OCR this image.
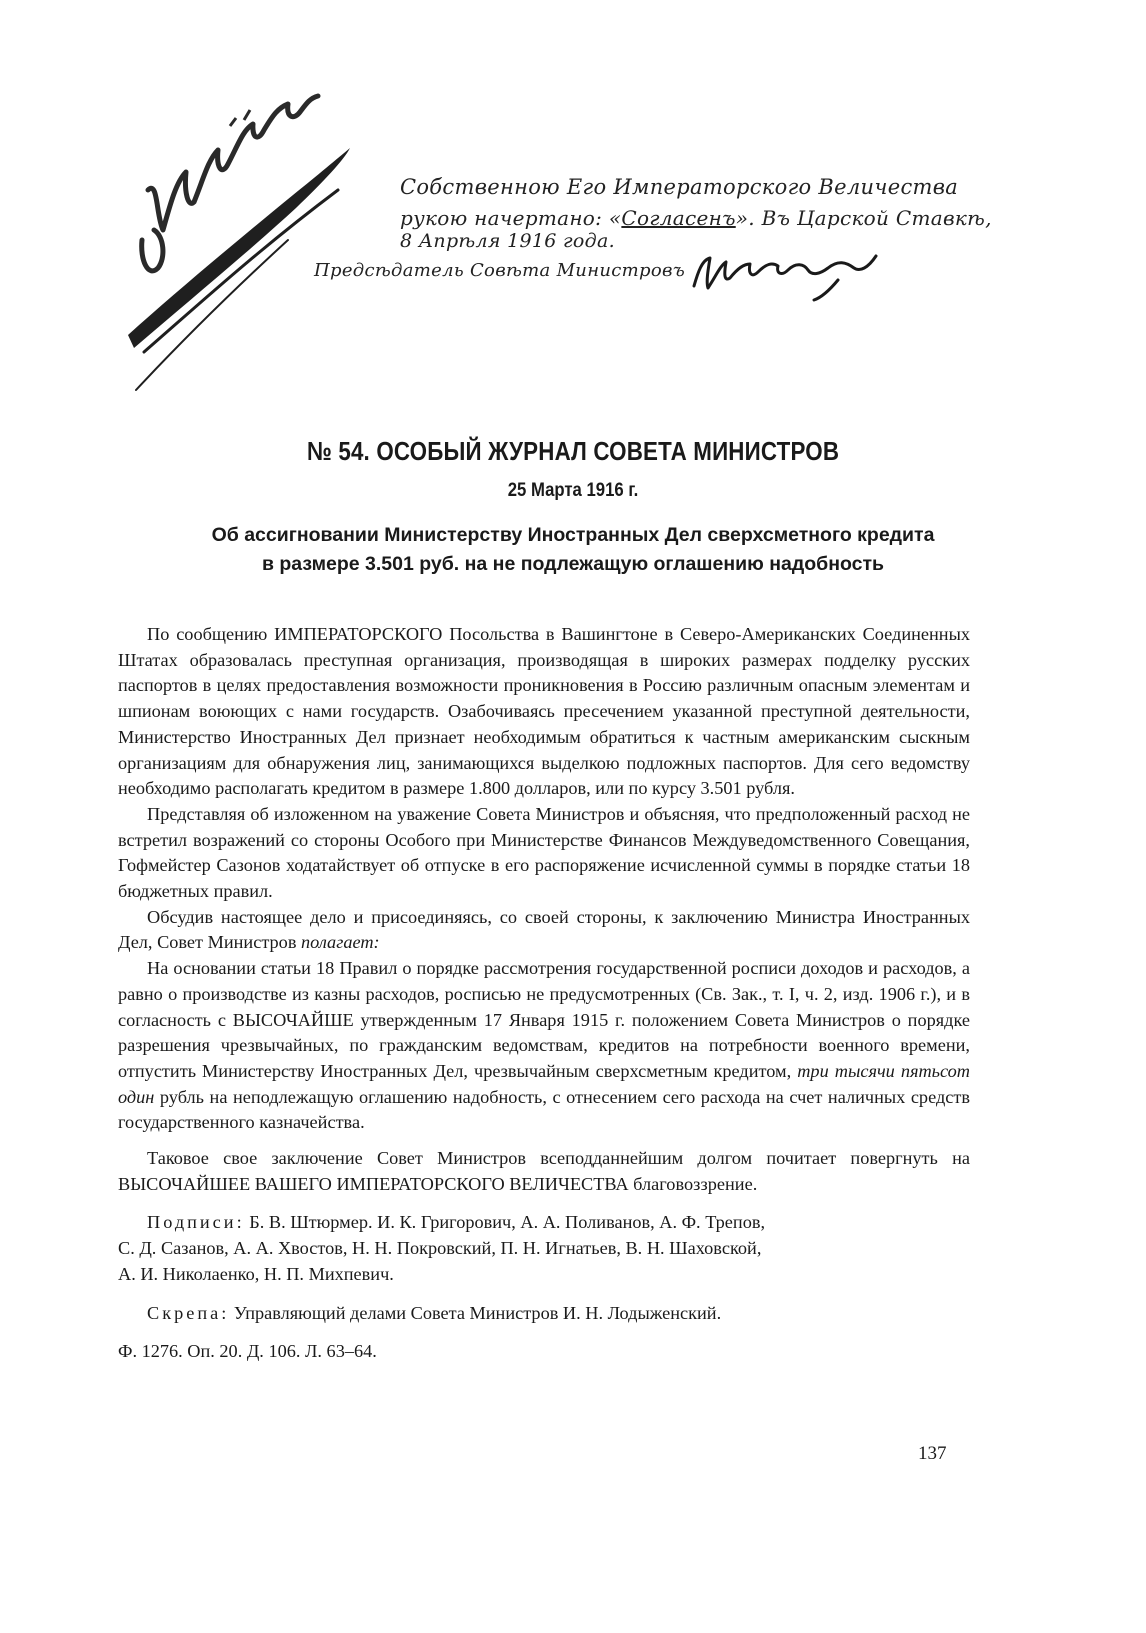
Собственною Его Императорского Величества
рукою начертано: «Согласенъ». Въ Царской Ставкѣ,
8 Апрѣля 1916 года.
Предсѣдатель Совѣта Министровъ
№ 54. ОСОБЫЙ ЖУРНАЛ СОВЕТА МИНИСТРОВ
25 Марта 1916 г.
Об ассигновании Министерству Иностранных Дел сверхсметного кредита
в размере 3.501 руб. на не подлежащую оглашению надобность

По сообщению ИМПЕРАТОРСКОГО Посольства в Вашингтоне в Северо-Американских Соединенных Штатах образовалась преступная организация, производящая в широких размерах подделку русских паспортов в целях предоставления возможности проникновения в Россию различным опасным элементам и шпионам воюющих с нами государств. Озабочиваясь пресечением указанной преступной деятельности, Министерство Иностранных Дел признает необходимым обратиться к частным американским сыскным организациям для обнаружения лиц, занимающихся выделкою подложных паспортов. Для сего ведомству необходимо располагать кредитом в размере 1.800 долларов, или по курсу 3.501 рубля.

Представляя об изложенном на уважение Совета Министров и объясняя, что предположенный расход не встретил возражений со стороны Особого при Министерстве Финансов Междуведомственного Совещания, Гофмейстер Сазонов ходатайствует об отпуске в его распоряжение исчисленной суммы в порядке статьи 18 бюджетных правил.

Обсудив настоящее дело и присоединяясь, со своей стороны, к заключению Министра Иностранных Дел, Совет Министров полагает:

На основании статьи 18 Правил о порядке рассмотрения государственной росписи доходов и расходов, а равно о производстве из казны расходов, росписью не предусмотренных (Св. Зак., т. I, ч. 2, изд. 1906 г.), и в согласность с ВЫСОЧАЙШЕ утвержденным 17 Января 1915 г. положением Совета Министров о порядке разрешения чрезвычайных, по гражданским ведомствам, кредитов на потребности военного времени, отпустить Министерству Иностранных Дел, чрезвычайным сверхсметным кредитом, три тысячи пятьсот один рубль на неподлежащую оглашению надобность, с отнесением сего расхода на счет наличных средств государственного казначейства.

Таковое свое заключение Совет Министров всеподданнейшим долгом почитает повергнуть на ВЫСОЧАЙШЕЕ ВАШЕГО ИМПЕРАТОРСКОГО ВЕЛИЧЕСТВА благовоззрение.

Подписи: Б. В. Штюрмер. И. К. Григорович, А. А. Поливанов, А. Ф. Трепов,
С. Д. Сазанов, А. А. Хвостов, Н. Н. Покровский, П. Н. Игнатьев, В. Н. Шаховской,
А. И. Николаенко, Н. П. Михпевич.

Скрепа: Управляющий делами Совета Министров И. Н. Лодыженский.

Ф. 1276. Оп. 20. Д. 106. Л. 63–64.

137
